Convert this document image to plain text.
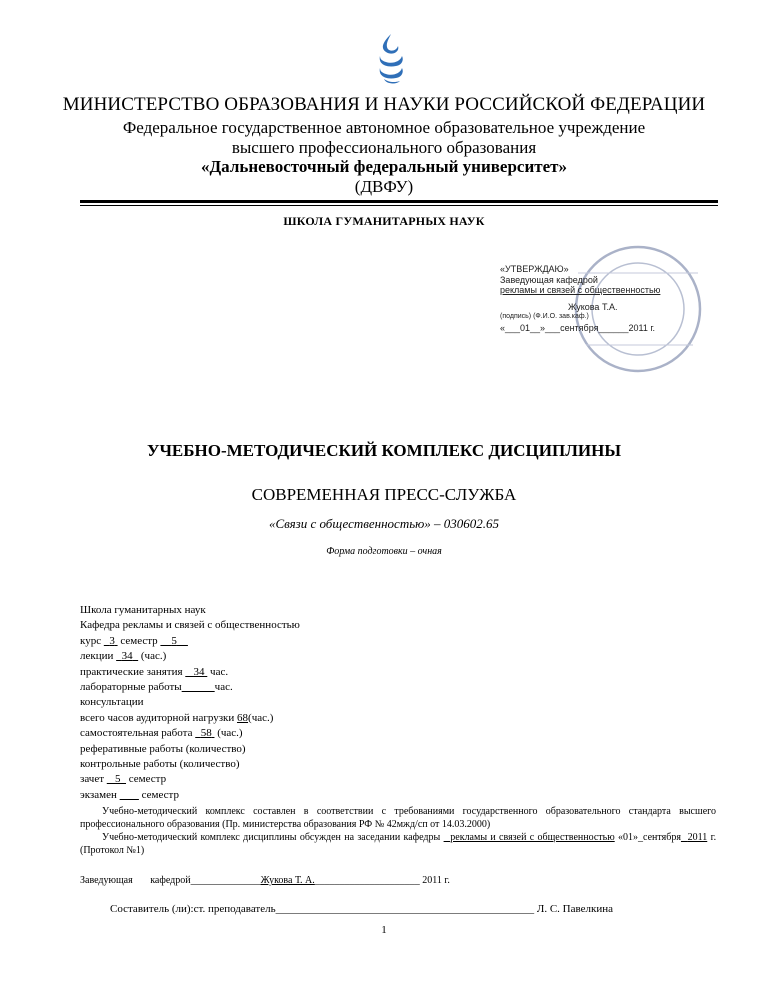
МИНИСТЕРСТВО ОБРАЗОВАНИЯ И НАУКИ РОССИЙСКОЙ ФЕДЕРАЦИИ
Федеральное государственное автономное образовательное учреждение
высшего профессионального образования
«Дальневосточный федеральный университет»
(ДВФУ)
ШКОЛА ГУМАНИТАРНЫХ НАУК
«УТВЕРЖДАЮ»
Заведующая кафедрой
рекламы и связей с общественностью
Жукова Т.А.
(подпись) (Ф.И.О. зав.каф.)
«___01__»___сентября______2011 г.
УЧЕБНО-МЕТОДИЧЕСКИЙ КОМПЛЕКС ДИСЦИПЛИНЫ
СОВРЕМЕННАЯ ПРЕСС-СЛУЖБА
«Связи с общественностью» – 030602.65
Форма подготовки – очная
Школа гуманитарных наук
Кафедра рекламы и связей с общественностью
курс 3 семестр 5
лекции 34 (час.)
практические занятия 34 час.
лабораторные работы	час.
консультации
всего часов аудиторной нагрузки 68(час.)
самостоятельная работа 58 (час.)
реферативные работы (количество)
контрольные работы (количество)
зачет 5 семестр
экзамен семестр

Учебно-методический комплекс составлен в соответствии с требованиями государственного образовательного стандарта высшего профессионального образования (Пр. министерства образования РФ № 42мжд/сп от 14.03.2000)

Учебно-методический комплекс дисциплины обсужден на заседании кафедры рекламы и связей с общественностью «01»_сентября 2011 г. (Протокол №1)

Заведующая кафедрой______________Жукова Т. А._____________________ 2011 г.
Составитель (ли):ст. преподаватель_______________________________________________ Л. С. Павелкина
1
